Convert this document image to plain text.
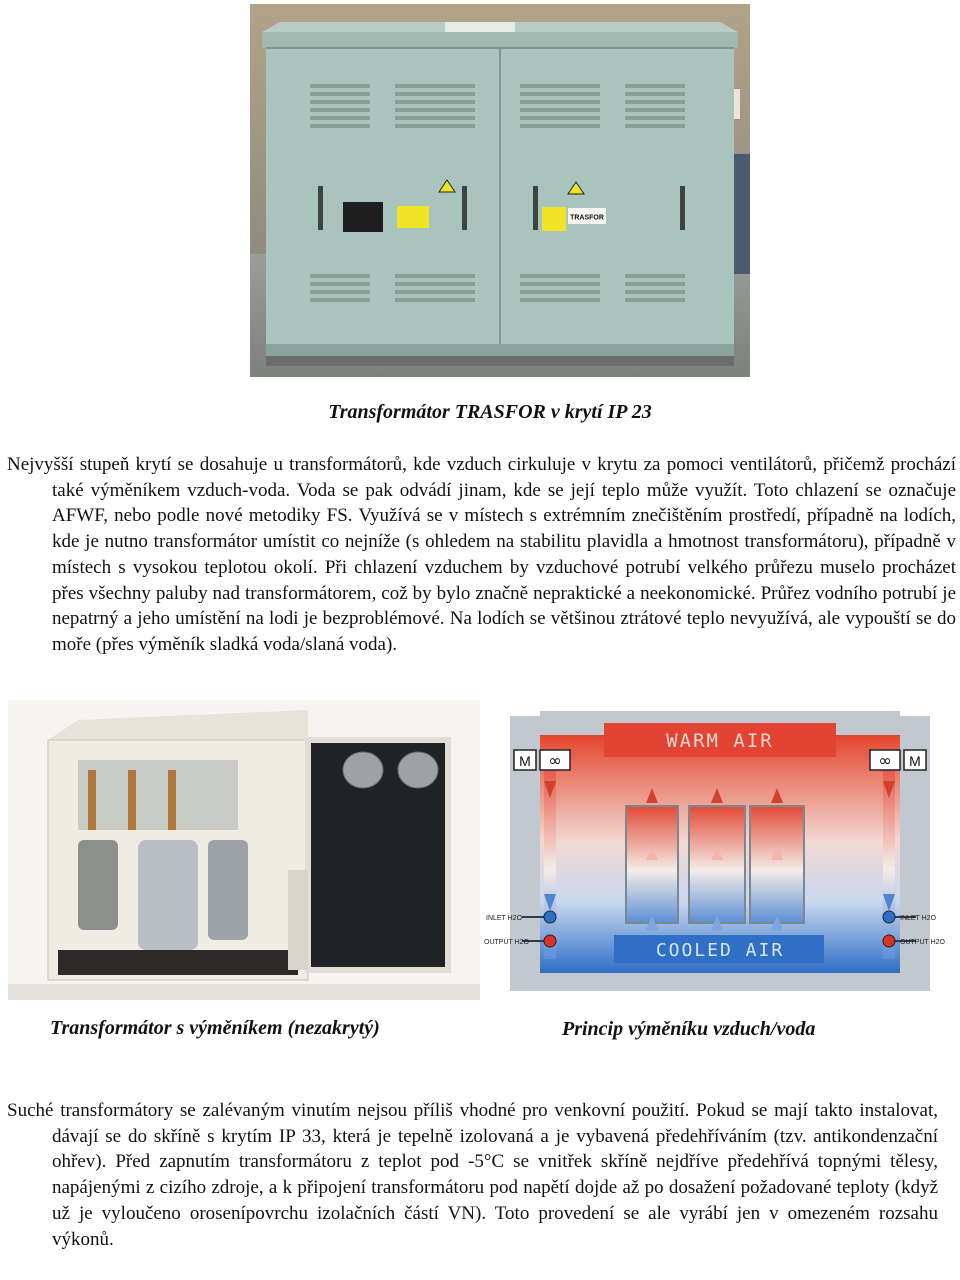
TRASFOR

Transformátor TRASFOR v krytí IP 23

Nejvyšší stupeň krytí se dosahuje u transformátorů, kde vzduch cirkuluje v krytu za pomoci ventilátorů, přičemž prochází také výměníkem vzduch-voda. Voda se pak odvádí jinam, kde se její teplo může využít. Toto chlazení se označuje AFWF, nebo podle nové metodiky FS. Využívá se v místech s extrémním znečištěním prostředí, případně na lodích, kde je nutno transformátor umístit co nejníže (s ohledem na stabilitu plavidla a hmotnost transformátoru), případně v místech s vysokou teplotou okolí. Při chlazení vzduchem by vzduchové potrubí velkého průřezu muselo procházet přes všechny paluby nad transformátorem, což by bylo značně nepraktické a neekonomické. Průřez vodního potrubí je nepatrný a jeho umístění na lodi je bezproblémové. Na lodích se většinou ztrátové teplo nevyužívá, ale vypouští se do moře (přes výměník sladká voda/slaná voda).

WARM AIR
COOLED AIR
M ∞	∞ M
INLET H2O
OUTPUT H2O
INLET H2O
OUTPUT H2O

Transformátor s výměníkem (nezakrytý)	Princip výměníku vzduch/voda

Suché transformátory se zalévaným vinutím nejsou příliš vhodné pro venkovní použití. Pokud se mají takto instalovat, dávají se do skříně s krytím IP 33, která je tepelně izolovaná a je vybavená předehříváním (tzv. antikondenzační ohřev). Před zapnutím transformátoru z teplot pod -5°C se vnitřek skříně nejdříve předehřívá topnými tělesy, napájenými z cizího zdroje, a k připojení transformátoru pod napětí dojde až po dosažení požadované teploty (když už je vyloučeno orosenípovrchu izolačních částí VN). Toto provedení se ale vyrábí jen v omezeném rozsahu výkonů.
